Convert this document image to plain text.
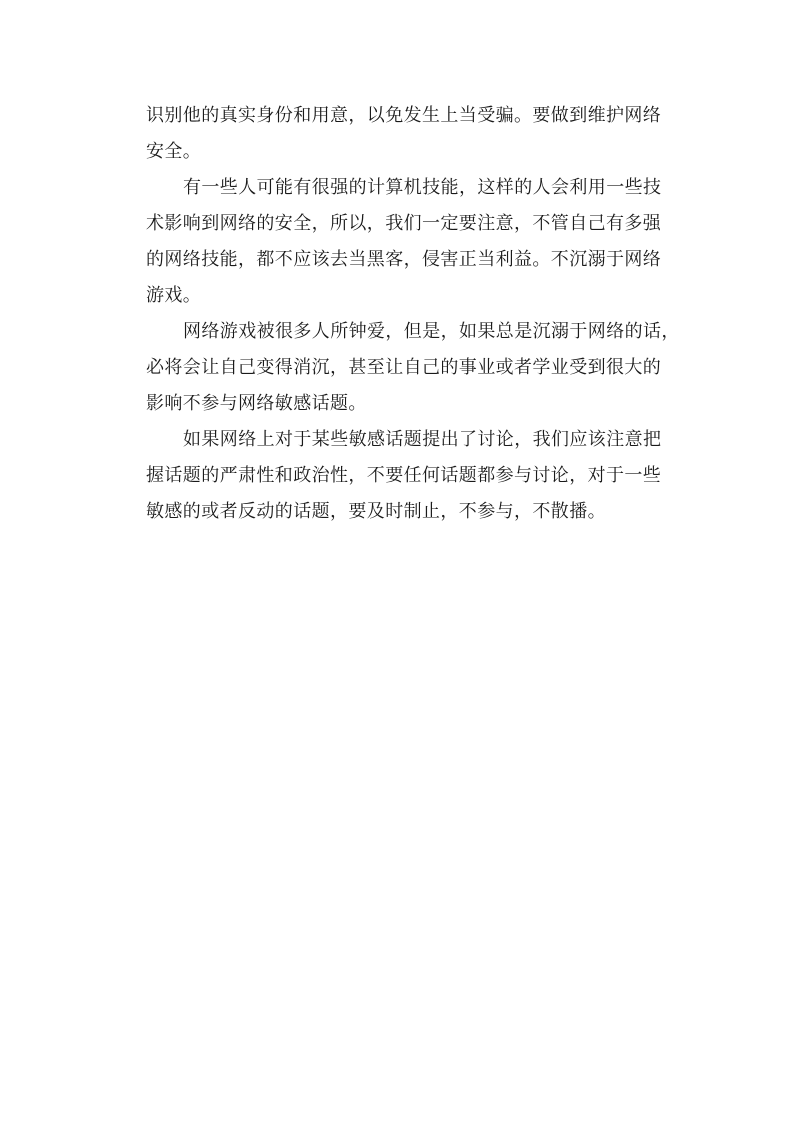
识别他的真实身份和用意，以免发生上当受骗。要做到维护网络
安全。
有一些人可能有很强的计算机技能，这样的人会利用一些技
术影响到网络的安全，所以，我们一定要注意，不管自己有多强
的网络技能，都不应该去当黑客，侵害正当利益。不沉溺于网络
游戏。
网络游戏被很多人所钟爱，但是，如果总是沉溺于网络的话，
必将会让自己变得消沉，甚至让自己的事业或者学业受到很大的
影响不参与网络敏感话题。
如果网络上对于某些敏感话题提出了讨论，我们应该注意把
握话题的严肃性和政治性，不要任何话题都参与讨论，对于一些
敏感的或者反动的话题，要及时制止，不参与，不散播。
